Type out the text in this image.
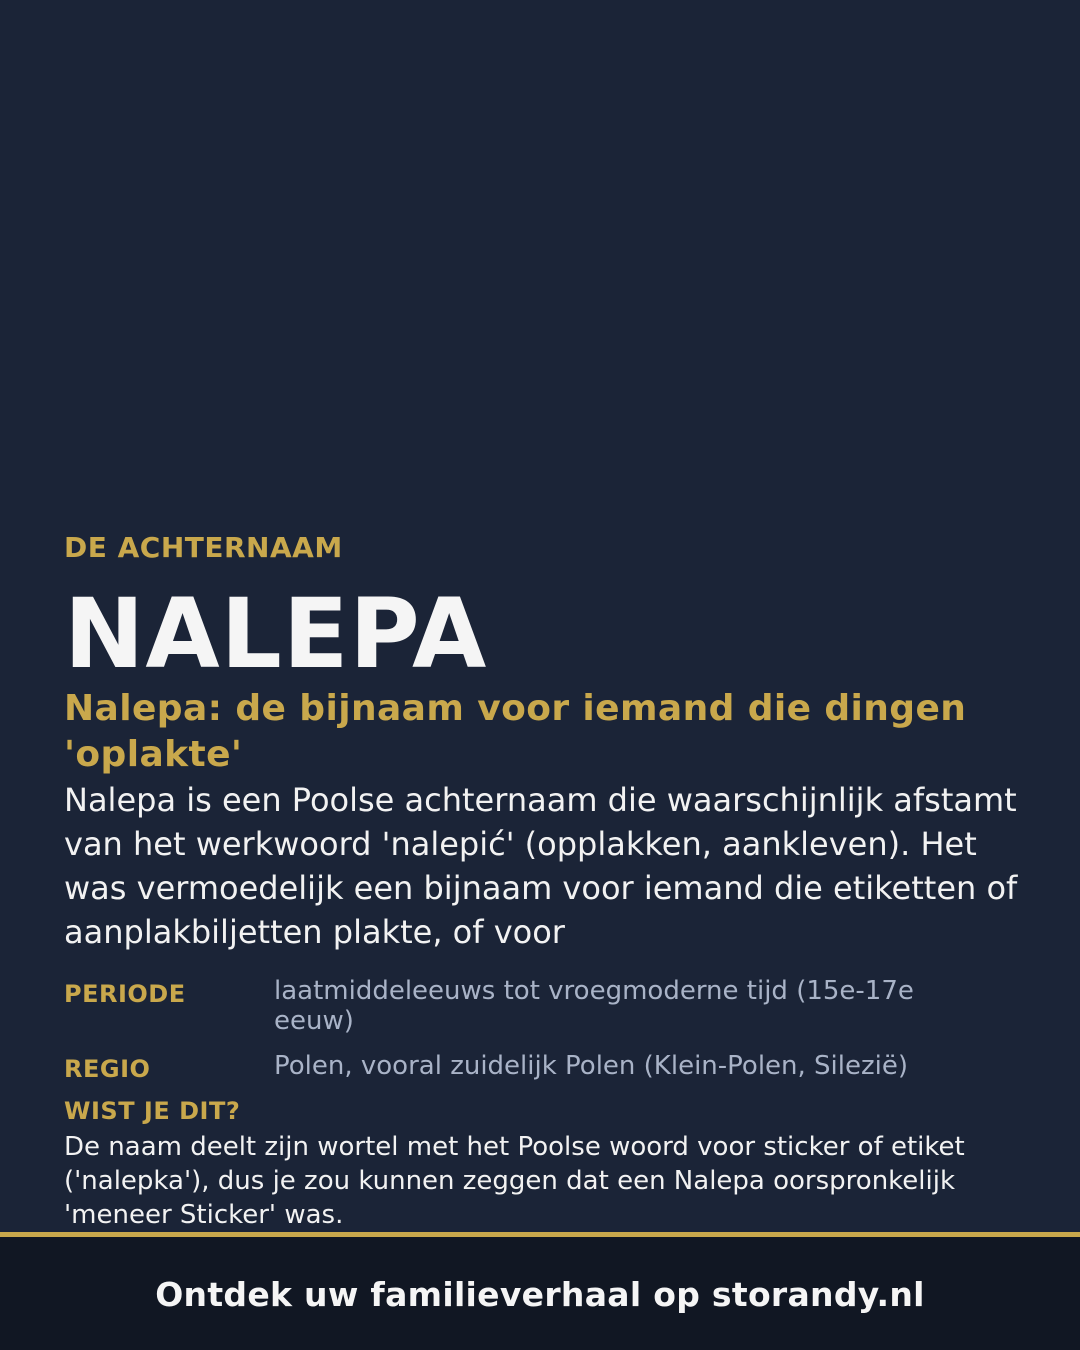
DE ACHTERNAAM

NALEPA
Nalepa: de bijnaam voor iemand die dingen 'oplakte'

Nalepa is een Poolse achternaam die waarschijnlijk afstamt van het werkwoord 'nalepić' (opplakken, aankleven). Het was vermoedelijk een bijnaam voor iemand die etiketten of aanplakbiljetten plakte, of voor

PERIODE	laatmiddeleeuws tot vroegmoderne tijd (15e-17e eeuw)
REGIO	Polen, vooral zuidelijk Polen (Klein-Polen, Silezië)
WIST JE DIT?
De naam deelt zijn wortel met het Poolse woord voor sticker of etiket ('nalepka'), dus je zou kunnen zeggen dat een Nalepa oorspronkelijk 'meneer Sticker' was.
Ontdek uw familieverhaal op storandy.nl
